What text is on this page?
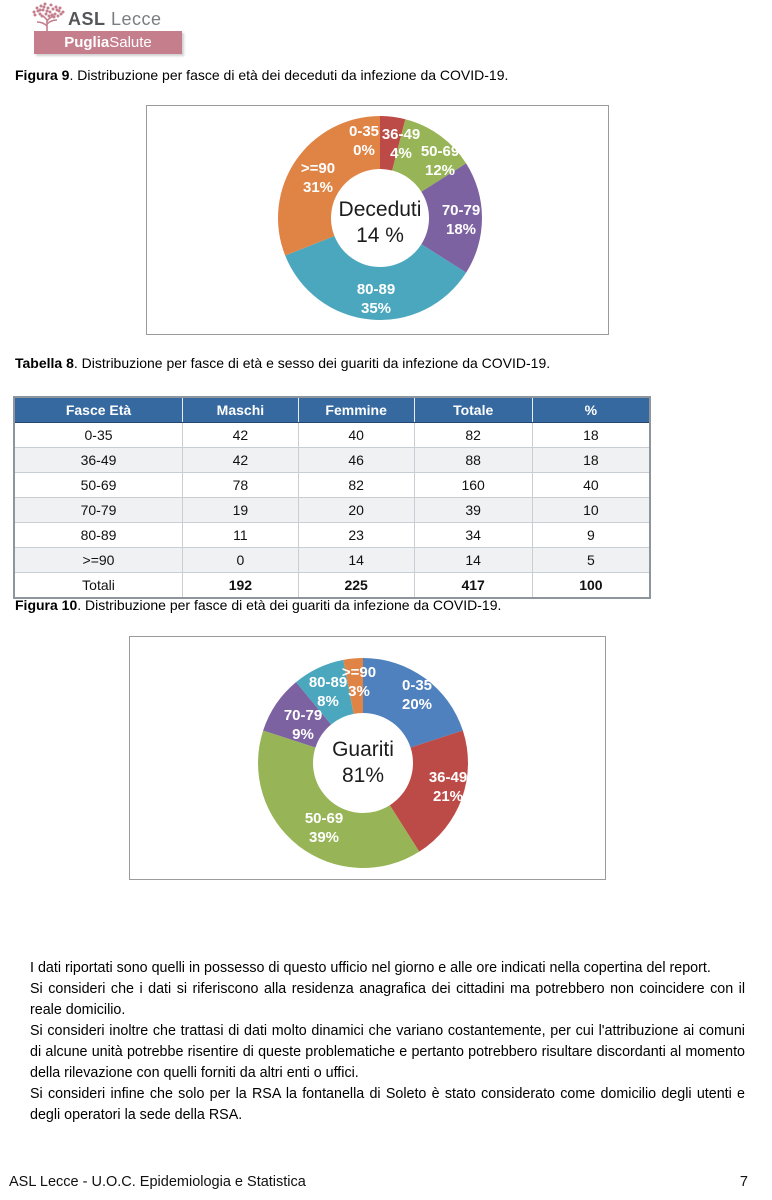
ASL Lecce
PugliaSalute
Figura 9. Distribuzione per fasce di età dei deceduti da infezione da COVID-19.
0-35 0%
36-49 4% 50-69 12%
70-79 18%
80-89 35%
>=90 31%
Deceduti 14 %
Tabella 8. Distribuzione per fasce di età e sesso dei guariti da infezione da COVID-19.
Fasce Età	Maschi	Femmine	Totale	%
0-35	42	40	82	18
36-49	42	46	88	18
50-69	78	82	160	40
70-79	19	20	39	10
80-89	11	23	34	9
>=90	0	14	14	5
Totali	192	225	417	100
Figura 10. Distribuzione per fasce di età dei guariti da infezione da COVID-19.
0-35 20%
36-49 21%
50-69 39%
70-79 9%
80-89 8%
>=90 3%
Guariti 81%

I dati riportati sono quelli in possesso di questo ufficio nel giorno e alle ore indicati nella copertina del report.

Si consideri che i dati si riferiscono alla residenza anagrafica dei cittadini ma potrebbero non coincidere con il reale domicilio.

Si consideri inoltre che trattasi di dati molto dinamici che variano costantemente, per cui l'attribuzione ai comuni di alcune unità potrebbe risentire di queste problematiche e pertanto potrebbero risultare discordanti al momento della rilevazione con quelli forniti da altri enti o uffici.

Si consideri infine che solo per la RSA la fontanella di Soleto è stato considerato come domicilio degli utenti e degli operatori la sede della RSA.

ASL Lecce - U.O.C. Epidemiologia e Statistica	7
